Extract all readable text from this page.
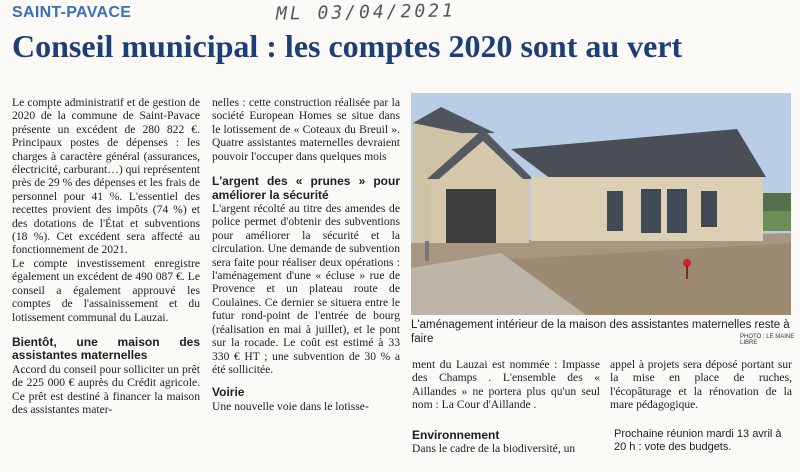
SAINT-PAVACE	ML 03/04/2021
Conseil municipal : les comptes 2020 sont au vert

Le compte administratif et de gestion de 2020 de la commune de Saint-Pavace présente un excédent de 280 822 €. Principaux postes de dépenses : les charges à caractère général (assurances, électricité, carburant…) qui représentent près de 29 % des dépenses et les frais de personnel pour 41 %. L'essentiel des recettes provient des impôts (74 %) et des dotations de l'État et subventions (18 %). Cet excédent sera affecté au fonctionnement de 2021.

Le compte investissement enregistre également un excédent de 490 087 €. Le conseil a également approuvé les comptes de l'assainissement et du lotissement communal du Lauzai.

Bientôt, une maison des assistantes maternelles

Accord du conseil pour solliciter un prêt de 225 000 € auprès du Crédit agricole. Ce prêt est destiné à financer la maison des assistantes mater-

nelles : cette construction réalisée par la société European Homes se situe dans le lotissement de « Coteaux du Breuil ». Quatre assistantes maternelles devraient pouvoir l'occuper dans quelques mois

L'argent des « prunes » pour améliorer la sécurité

L'argent récolté au titre des amendes de police permet d'obtenir des subventions pour améliorer la sécurité et la circulation. Une demande de subvention sera faite pour réaliser deux opérations : l'aménagement d'une « écluse » rue de Provence et un plateau route de Coulaines. Ce dernier se situera entre le futur rond-point de l'entrée de bourg (réalisation en mai à juillet), et le pont sur la rocade. Le coût est estimé à 33 330 € HT ; une subvention de 30 % a été sollicitée.

Voirie

Une nouvelle voie dans le lotisse-

L'aménagement intérieur de la maison des assistantes maternelles reste à faire	PHOTO : LE MAINE LIBRE

ment du Lauzai est nommée : Impasse des Champs . L'ensemble des « Aillandes » ne portera plus qu'un seul nom : La Cour d'Aillande .

Environnement
Dans le cadre de la biodiversité, un

appel à projets sera déposé portant sur la mise en place de ruches, l'écopâturage et la rénovation de la mare pédagogique.

Prochaine réunion mardi 13 avril à 20 h : vote des budgets.
